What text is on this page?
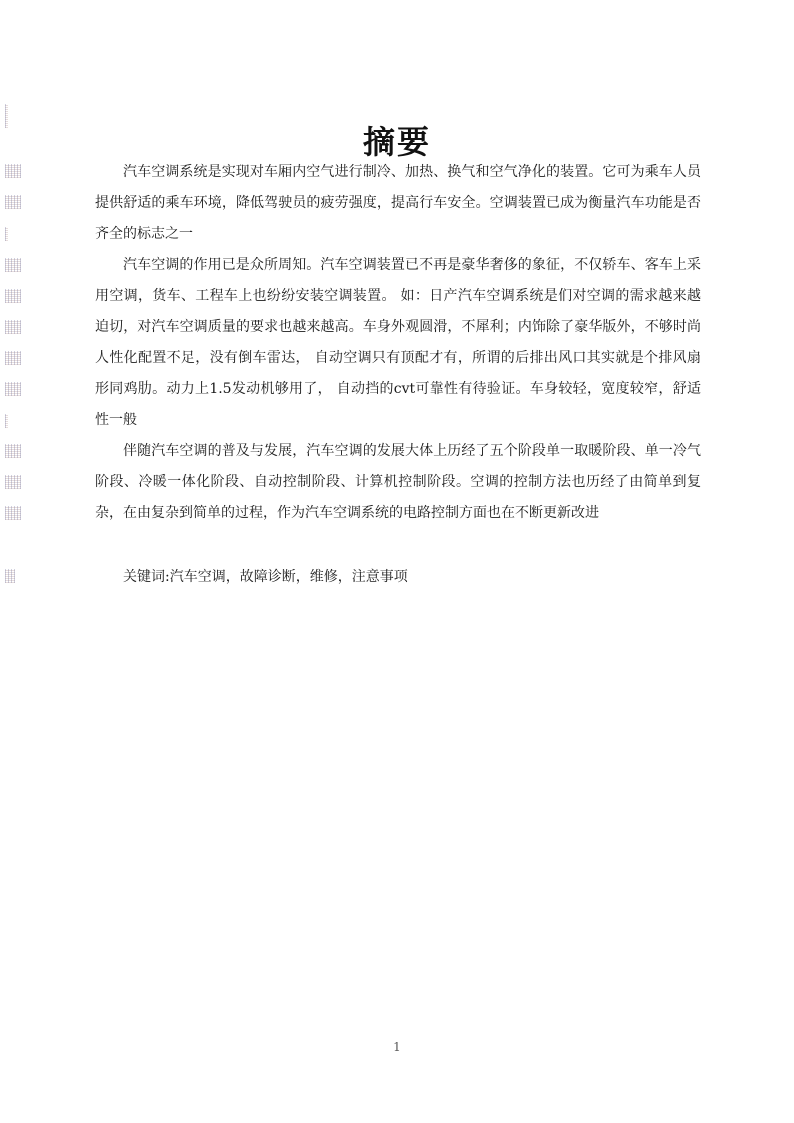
摘要

汽车空调系统是实现对车厢内空气进行制冷、加热、换气和空气净化的装置。它可为乘车人员提供舒适的乘车环境，降低驾驶员的疲劳强度，提高行车安全。空调装置已成为衡量汽车功能是否齐全的标志之一

汽车空调的作用已是众所周知。汽车空调装置已不再是豪华奢侈的象征，不仅轿车、客车上采用空调，货车、工程车上也纷纷安装空调装置。 如：日产汽车空调系统是们对空调的需求越来越迫切，对汽车空调质量的要求也越来越高。车身外观圆滑，不犀利；内饰除了豪华版外，不够时尚人性化配置不足，没有倒车雷达， 自动空调只有顶配才有，所谓的后排出风口其实就是个排风扇形同鸡肋。动力上1.5发动机够用了， 自动挡的cvt可靠性有待验证。车身较轻，宽度较窄，舒适性一般

伴随汽车空调的普及与发展，汽车空调的发展大体上历经了五个阶段单一取暖阶段、单一冷气阶段、冷暖一体化阶段、自动控制阶段、计算机控制阶段。空调的控制方法也历经了由简单到复杂，在由复杂到简单的过程，作为汽车空调系统的电路控制方面也在不断更新改进

关键词:汽车空调，故障诊断，维修，注意事项
1
